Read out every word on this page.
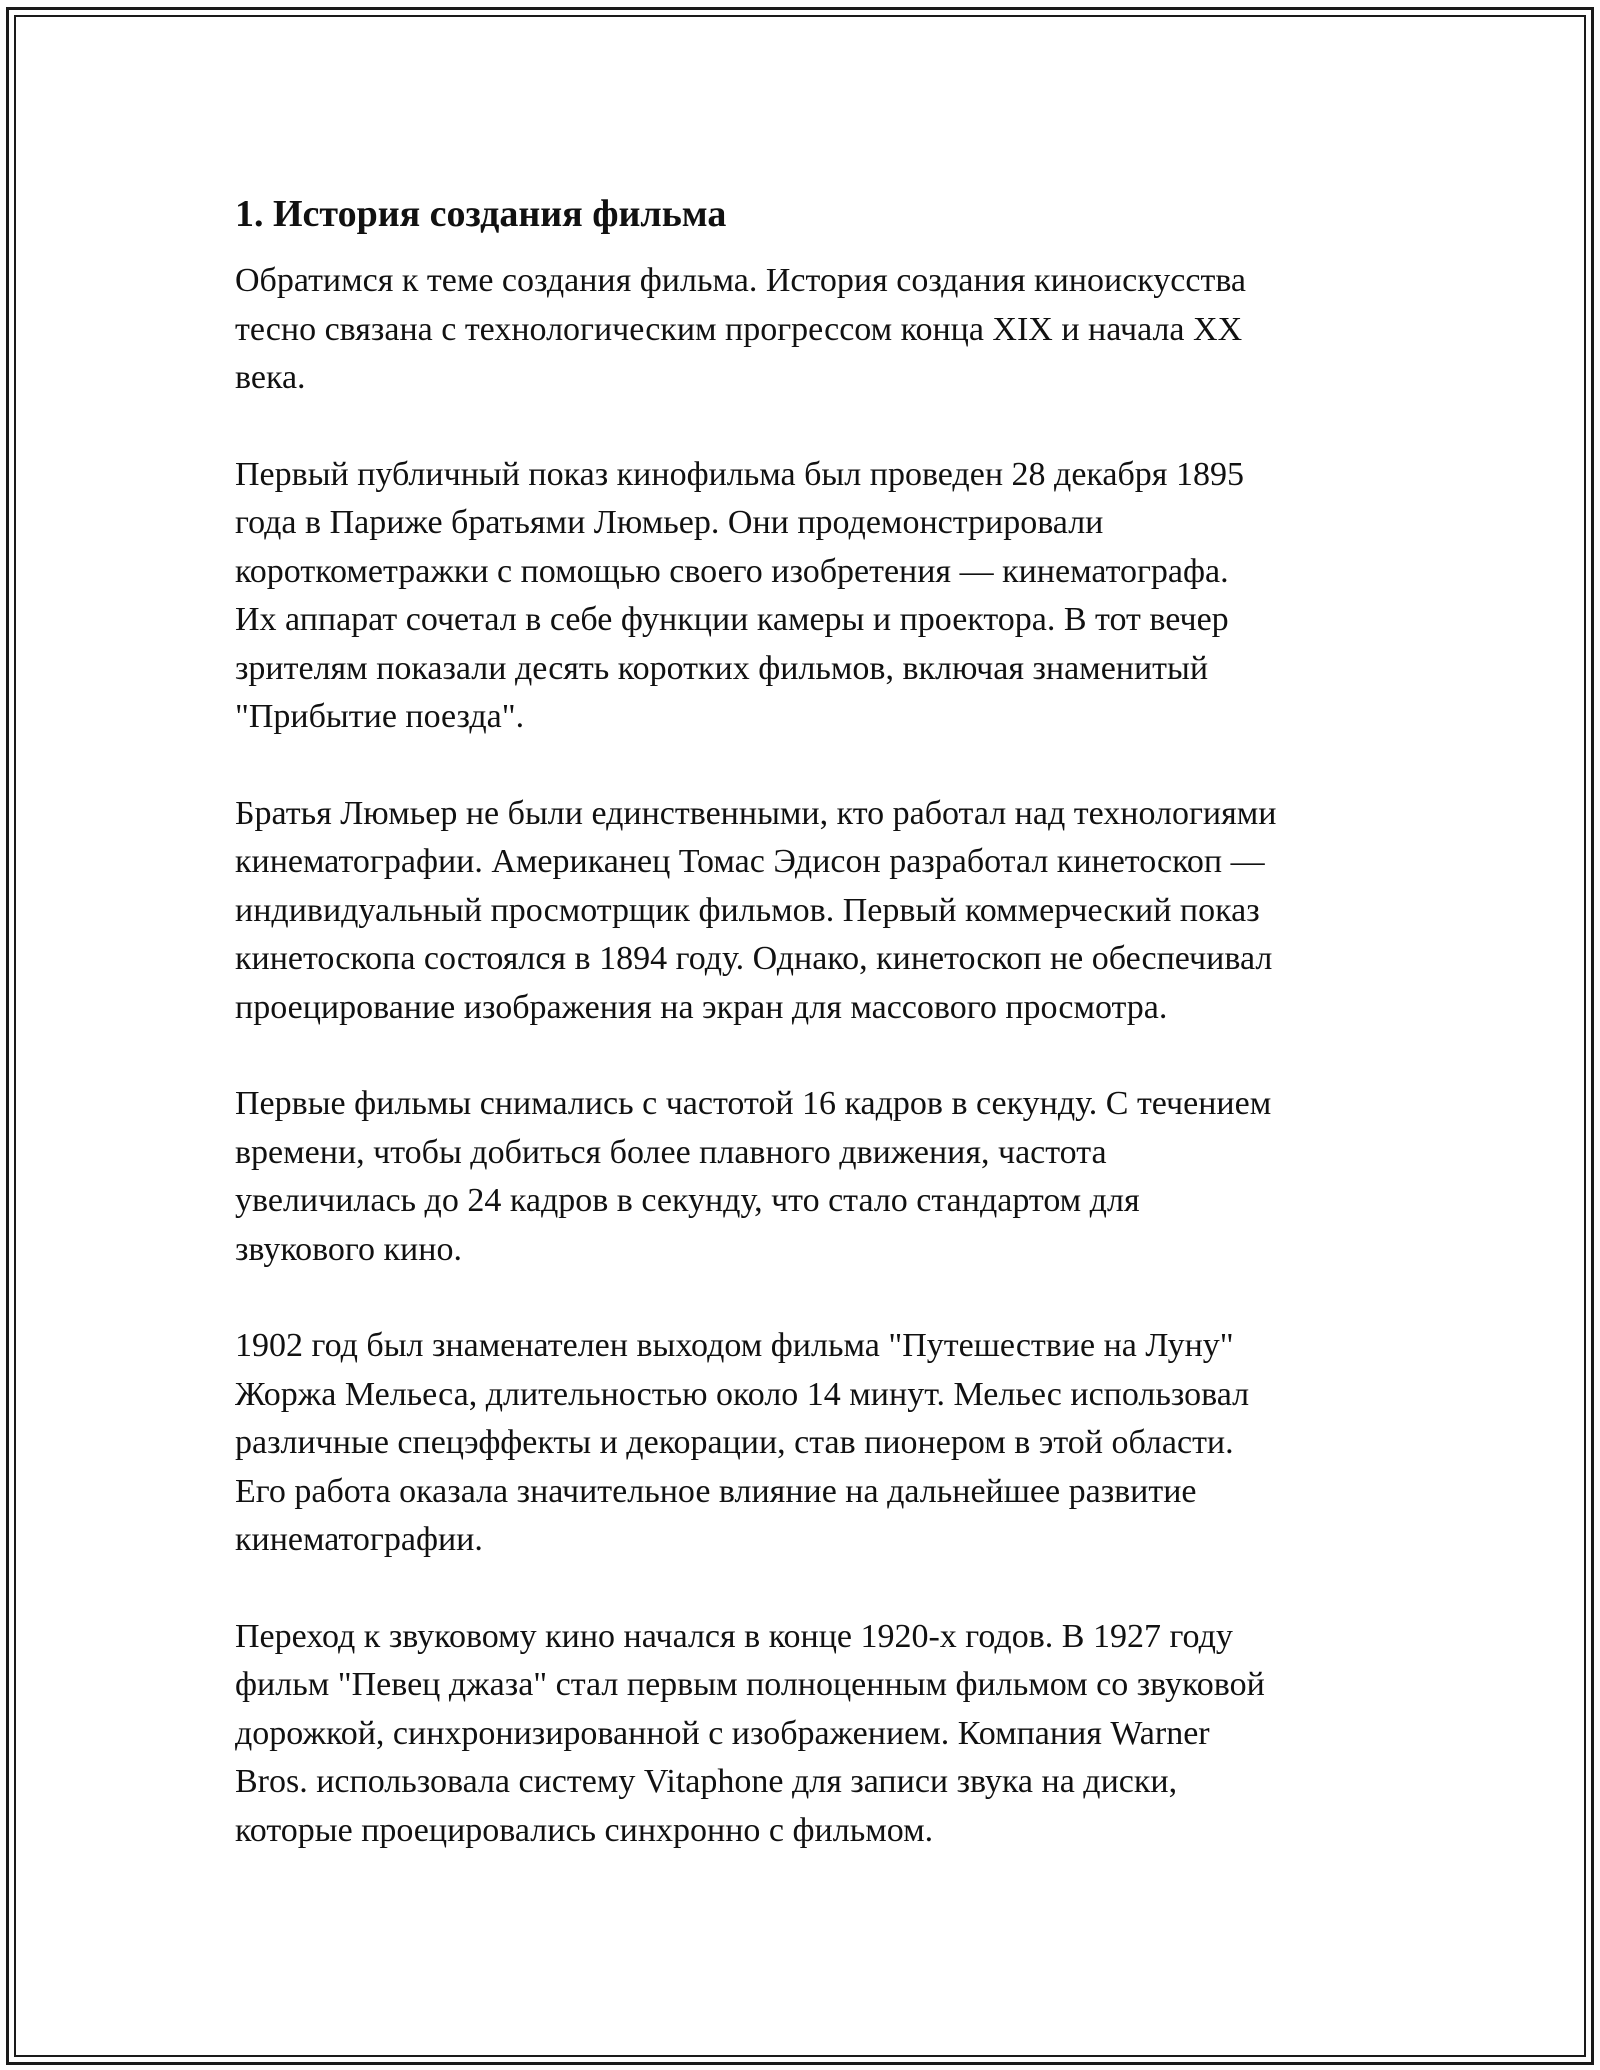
1. История создания фильма

Обратимся к теме создания фильма. История создания киноискусства
тесно связана с технологическим прогрессом конца XIX и начала XX
века.

Первый публичный показ кинофильма был проведен 28 декабря 1895
года в Париже братьями Люмьер. Они продемонстрировали
короткометражки с помощью своего изобретения — кинематографа.
Их аппарат сочетал в себе функции камеры и проектора. В тот вечер
зрителям показали десять коротких фильмов, включая знаменитый
"Прибытие поезда".

Братья Люмьер не были единственными, кто работал над технологиями
кинематографии. Американец Томас Эдисон разработал кинетоскоп —
индивидуальный просмотрщик фильмов. Первый коммерческий показ
кинетоскопа состоялся в 1894 году. Однако, кинетоскоп не обеспечивал
проецирование изображения на экран для массового просмотра.

Первые фильмы снимались с частотой 16 кадров в секунду. С течением
времени, чтобы добиться более плавного движения, частота
увеличилась до 24 кадров в секунду, что стало стандартом для
звукового кино.

1902 год был знаменателен выходом фильма "Путешествие на Луну"
Жоржа Мельеса, длительностью около 14 минут. Мельес использовал
различные спецэффекты и декорации, став пионером в этой области.
Его работа оказала значительное влияние на дальнейшее развитие
кинематографии.

Переход к звуковому кино начался в конце 1920-х годов. В 1927 году
фильм "Певец джаза" стал первым полноценным фильмом со звуковой
дорожкой, синхронизированной с изображением. Компания Warner
Bros. использовала систему Vitaphone для записи звука на диски,
которые проецировались синхронно с фильмом.
